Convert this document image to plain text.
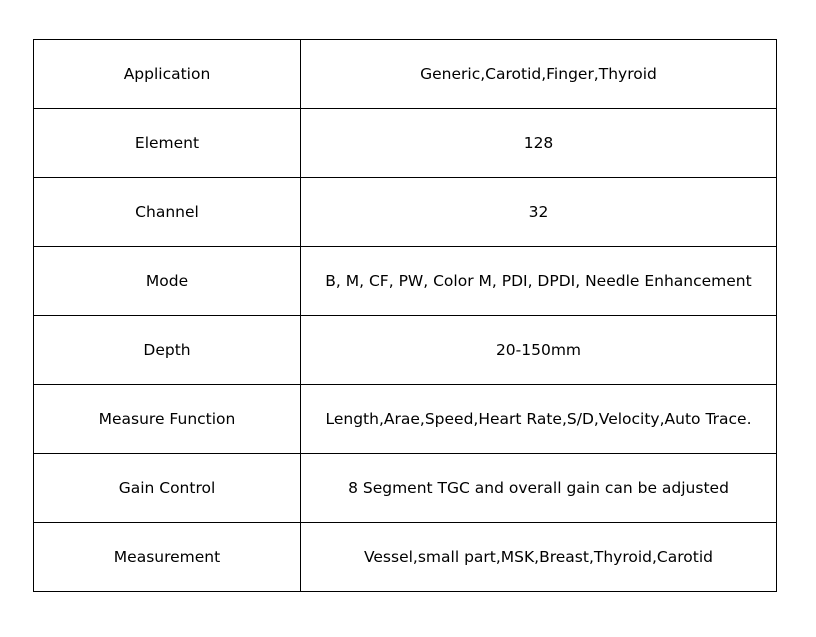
Application	Generic,Carotid,Finger,Thyroid
Element	128
Channel	32
Mode	B, M, CF, PW, Color M, PDI, DPDI, Needle Enhancement
Depth	20-150mm
Measure Function	Length,Arae,Speed,Heart Rate,S/D,Velocity,Auto Trace.
Gain Control	8 Segment TGC and overall gain can be adjusted
Measurement	Vessel,small part,MSK,Breast,Thyroid,Carotid
